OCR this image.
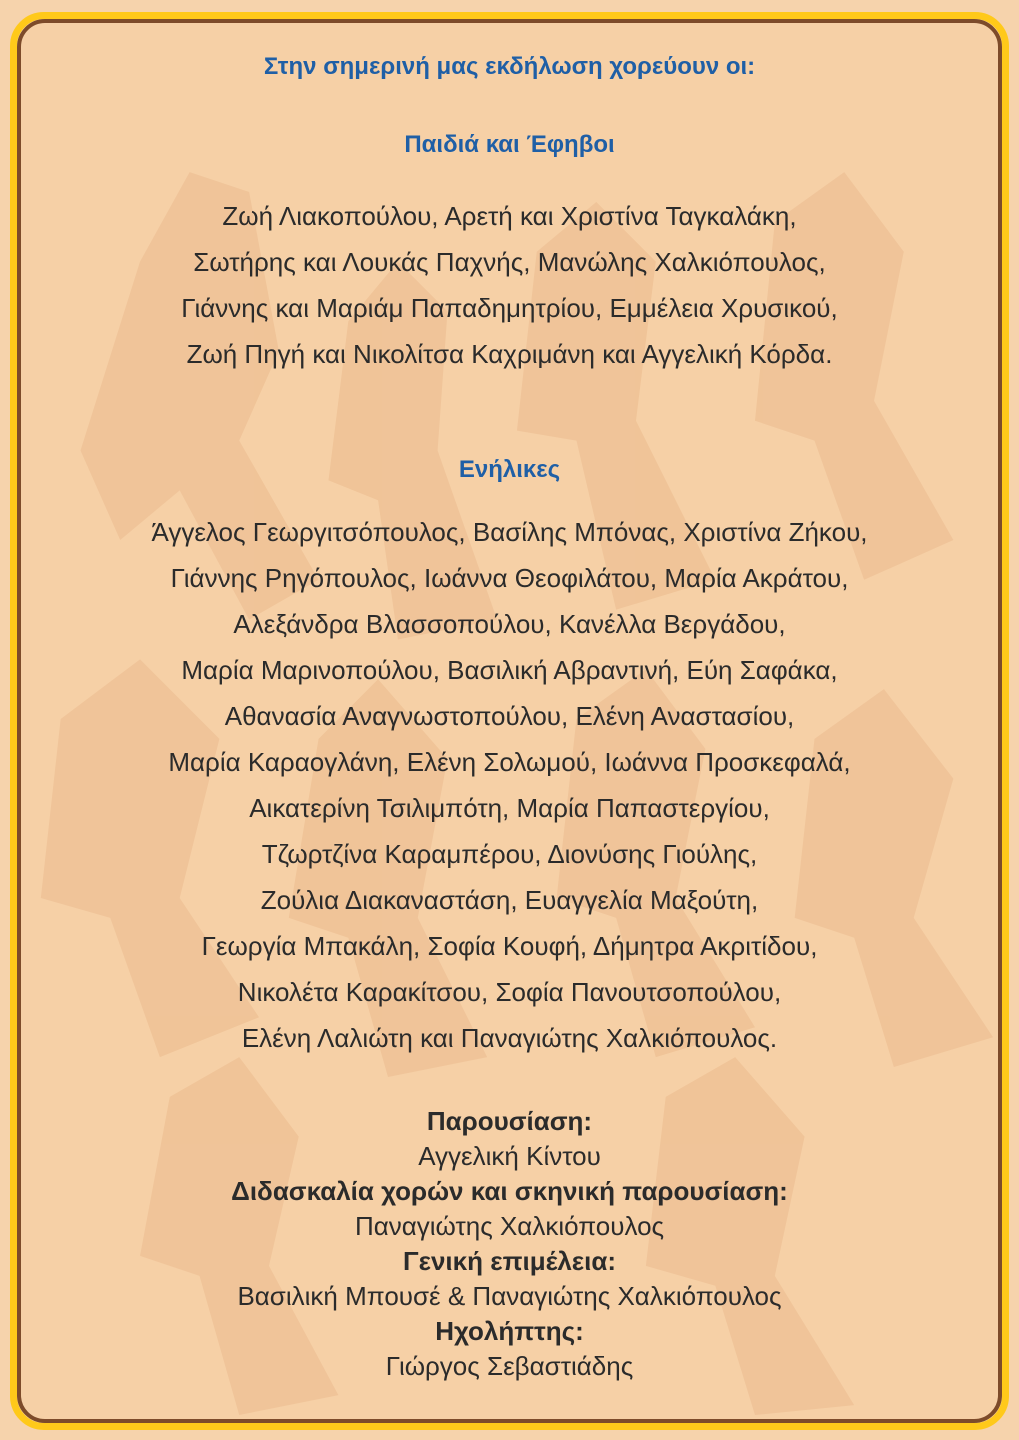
Στην σημερινή μας εκδήλωση χορεύουν οι:
Παιδιά και Έφηβοι
Ζωή Λιακοπούλου, Αρετή και Χριστίνα Ταγκαλάκη,
Σωτήρης και Λουκάς Παχνής, Μανώλης Χαλκιόπουλος,
Γιάννης και Μαριάμ Παπαδημητρίου, Εμμέλεια Χρυσικού,
Ζωή Πηγή και Νικολίτσα Καχριμάνη και Αγγελική Κόρδα.
Ενήλικες
Άγγελος Γεωργιτσόπουλος, Βασίλης Μπόνας, Χριστίνα Ζήκου,
Γιάννης Ρηγόπουλος, Ιωάννα Θεοφιλάτου, Μαρία Ακράτου,
Αλεξάνδρα Βλασσοπούλου, Κανέλλα Βεργάδου,
Μαρία Μαρινοπούλου, Βασιλική Αβραντινή, Εύη Σαφάκα,
Αθανασία Αναγνωστοπούλου, Ελένη Αναστασίου,
Μαρία Καραογλάνη, Ελένη Σολωμού, Ιωάννα Προσκεφαλά,
Αικατερίνη Τσιλιμπότη, Μαρία Παπαστεργίου,
Τζωρτζίνα Καραμπέρου, Διονύσης Γιούλης,
Ζούλια Διακαναστάση, Ευαγγελία Μαξούτη,
Γεωργία Μπακάλη, Σοφία Κουφή, Δήμητρα Ακριτίδου,
Νικολέτα Καρακίτσου, Σοφία Πανουτσοπούλου,
Ελένη Λαλιώτη και Παναγιώτης Χαλκιόπουλος.
Παρουσίαση:
Αγγελική Κίντου
Διδασκαλία χορών και σκηνική παρουσίαση:
Παναγιώτης Χαλκιόπουλος
Γενική επιμέλεια:
Βασιλική Μπουσέ & Παναγιώτης Χαλκιόπουλος
Ηχολήπτης:
Γιώργος Σεβαστιάδης
